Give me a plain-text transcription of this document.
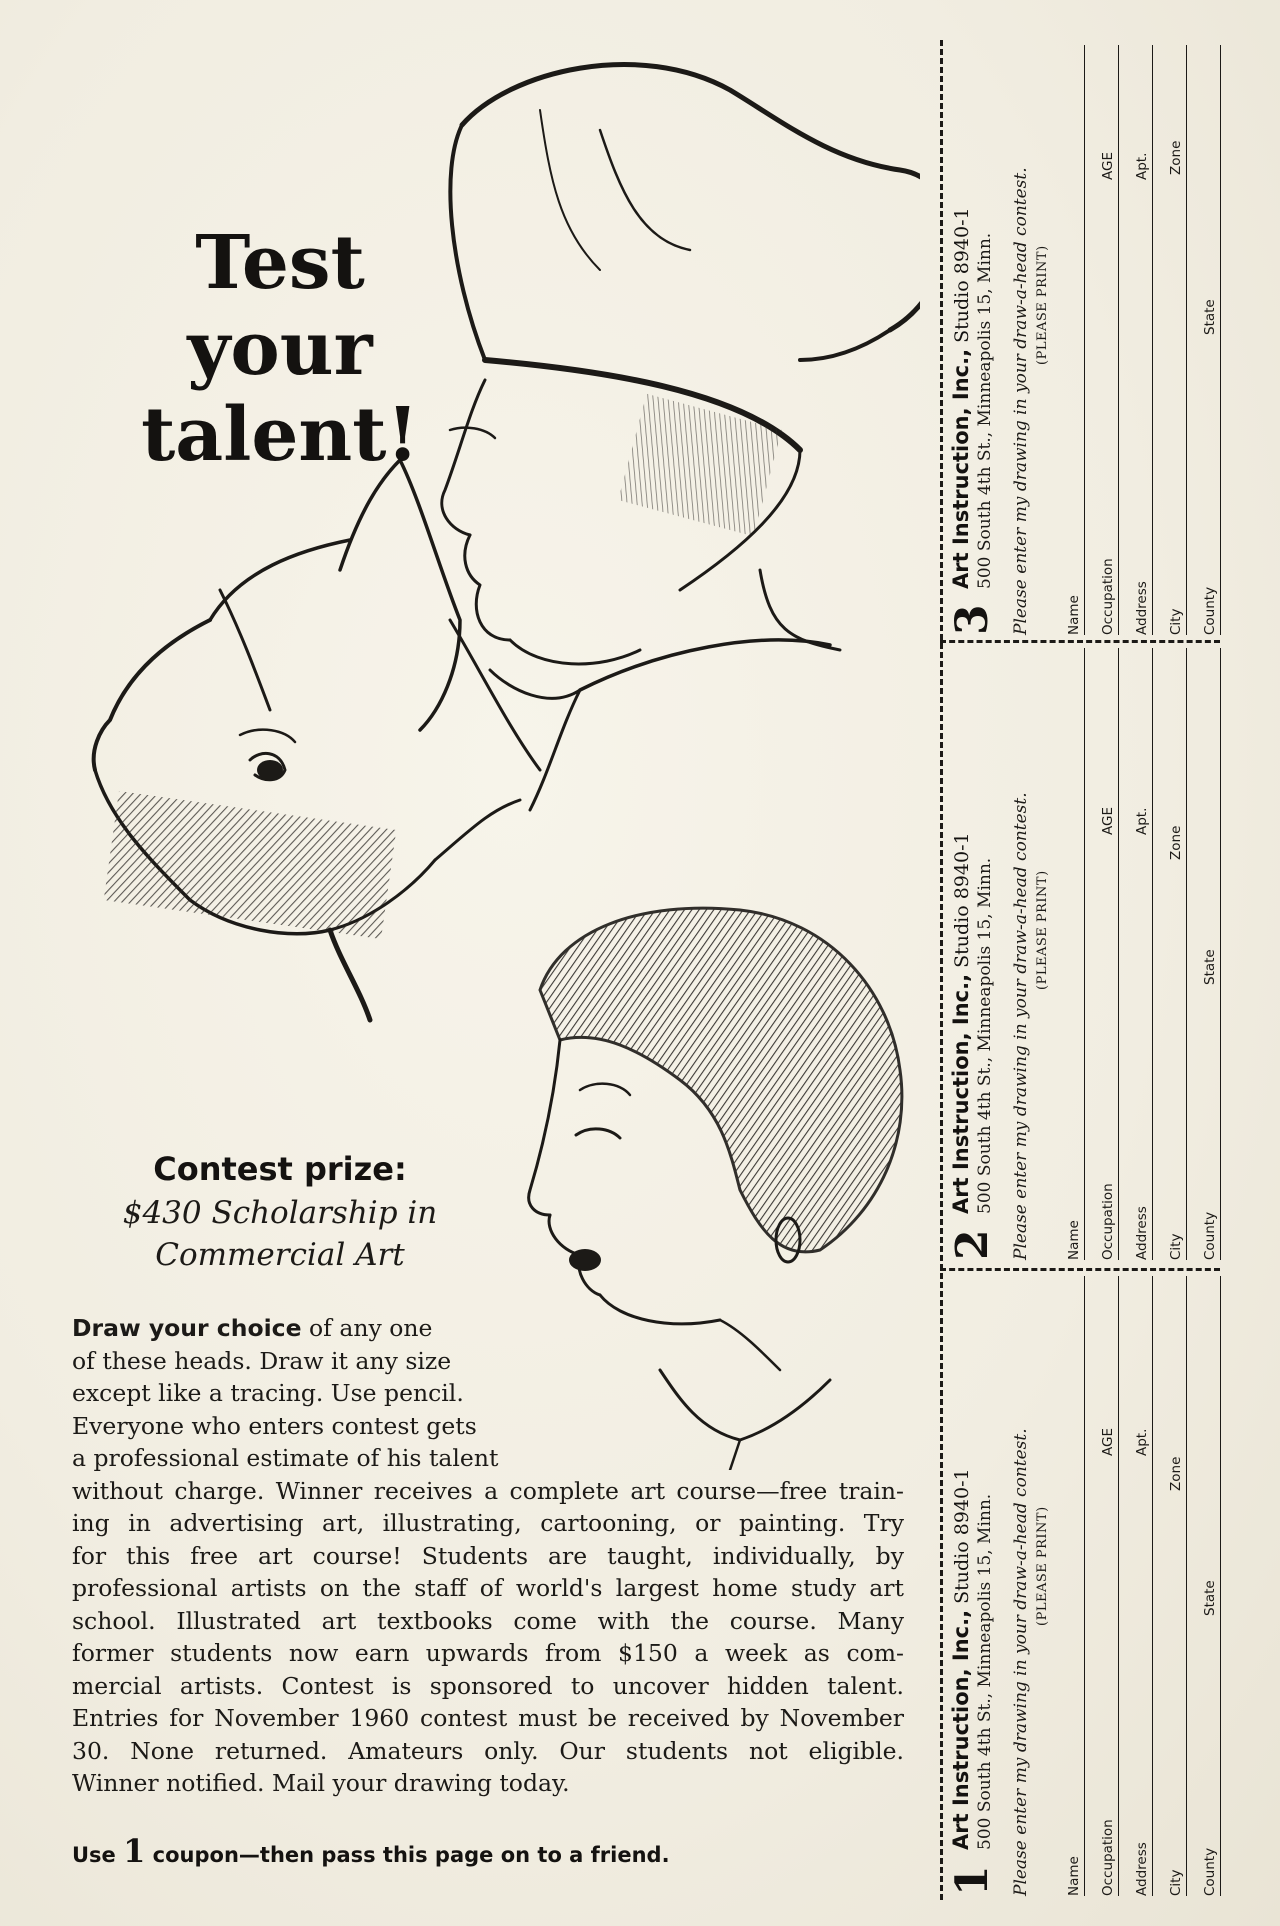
Test
your
talent!
Contest prize:
$430 Scholarship in
Commercial Art
Draw your choice of any one
of these heads. Draw it any size
except like a tracing. Use pencil.
Everyone who enters contest gets
a professional estimate of his talent
without charge. Winner receives a complete art course—free train-
ing in advertising art, illustrating, cartooning, or painting. Try
for this free art course! Students are taught, individually, by
professional artists on the staff of world's largest home study art
school. Illustrated art textbooks come with the course. Many
former students now earn upwards from $150 a week as com-
mercial artists. Contest is sponsored to uncover hidden talent.
Entries for November 1960 contest must be received by November
30. None returned. Amateurs only. Our students not eligible.
Winner notified. Mail your drawing today.
Use 1 coupon—then pass this page on to a friend.
3
Art Instruction, Inc., Studio 8940-1 500 South 4th St., Minneapolis 15, Minn. Please enter my drawing in your draw-a-head contest. (PLEASE PRINT)
Name Occupation
AGE
Address
Apt.
City
Zone
County
State
2
Art Instruction, Inc., Studio 8940-1 500 South 4th St., Minneapolis 15, Minn. Please enter my drawing in your draw-a-head contest. (PLEASE PRINT)
Name Occupation
AGE
Address
Apt.
City
Zone
County
State
1
Art Instruction, Inc., Studio 8940-1 500 South 4th St., Minneapolis 15, Minn. Please enter my drawing in your draw-a-head contest. (PLEASE PRINT)
Name Occupation
AGE
Address
Apt.
City
Zone
County
State
